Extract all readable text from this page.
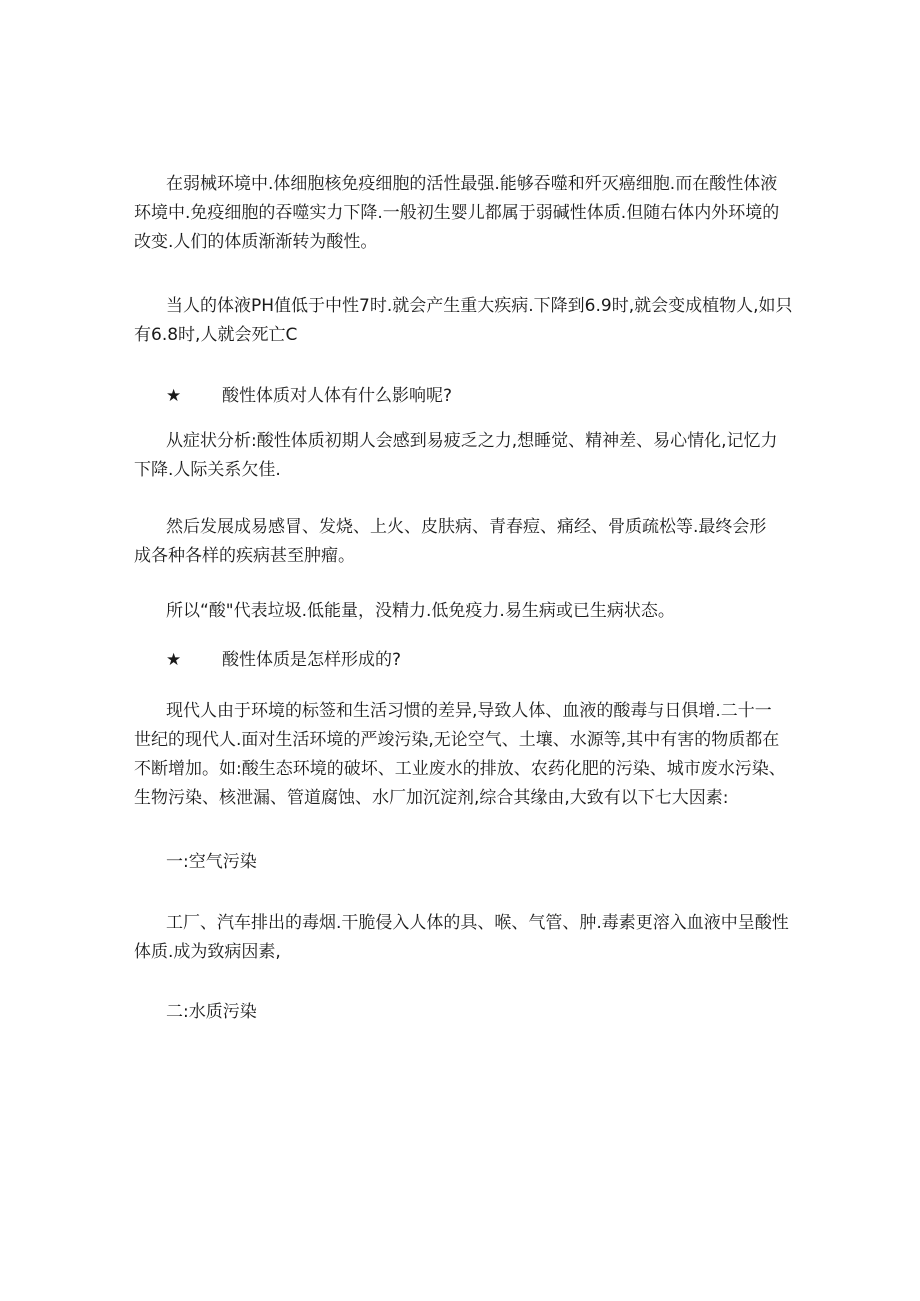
在弱械环境中.体细胞核免疫细胞的活性最强.能够吞噬和歼灭癌细胞.而在酸性体液
环境中.免疫细胞的吞噬实力下降.一般初生婴儿都属于弱碱性体质.但随右体内外环境的
改变.人们的体质渐渐转为酸性。
当人的体液PH值低于中性7时.就会产生重大疾病.下降到6.9时,就会变成植物人,如只
有6.8时,人就会死亡C
★ 酸性体质对人体有什么影响呢?
从症状分析:酸性体质初期人会感到易疲乏之力,想睡觉、精神差、易心情化,记忆力
下降.人际关系欠佳.
然后发展成易感冒、发烧、上火、皮肤病、青春痘、痛经、骨质疏松等.最终会形
成各种各样的疾病甚至肿瘤。
所以“酸"代表垃圾.低能量，没精力.低免疫力.易生病或已生病状态。
★ 酸性体质是怎样形成的?
现代人由于环境的标签和生活习惯的差异,导致人体、血液的酸毒与日俱增.二十一
世纪的现代人.面对生活环境的严竣污染,无论空气、土壤、水源等,其中有害的物质都在
不断增加。如:酸生态环境的破坏、工业废水的排放、农药化肥的污染、城市废水污染、
生物污染、核泄漏、管道腐蚀、水厂加沉淀剂,综合其缘由,大致有以下七大因素:
一:空气污染
工厂、汽车排出的毒烟.干脆侵入人体的具、喉、气管、肿.毒素更溶入血液中呈酸性
体质.成为致病因素,
二:水质污染
